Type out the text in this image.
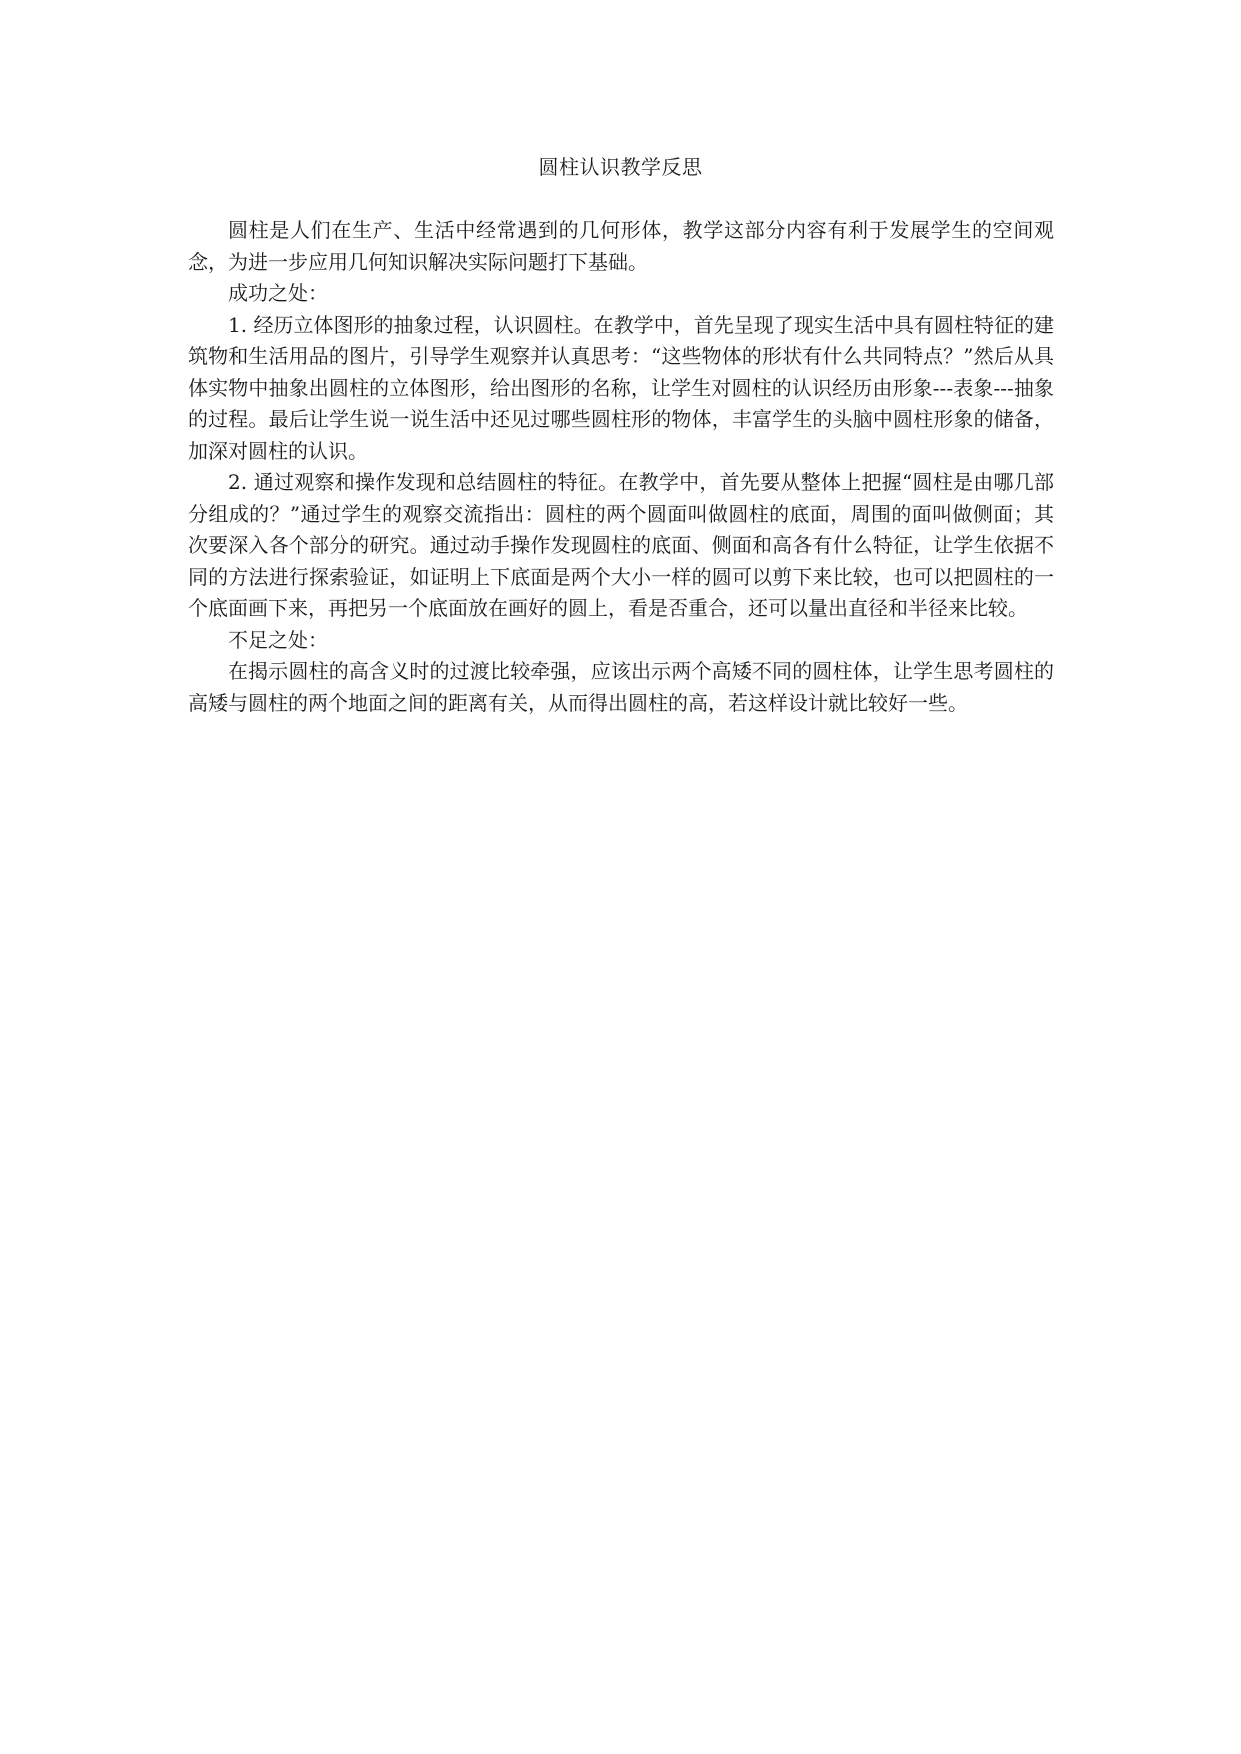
圆柱认识教学反思

圆柱是人们在生产、生活中经常遇到的几何形体，教学这部分内容有利于发展学生的空间观念，为进一步应用几何知识解决实际问题打下基础。

成功之处：

1. 经历立体图形的抽象过程，认识圆柱。在教学中，首先呈现了现实生活中具有圆柱特征的建筑物和生活用品的图片，引导学生观察并认真思考：“这些物体的形状有什么共同特点？”然后从具体实物中抽象出圆柱的立体图形，给出图形的名称，让学生对圆柱的认识经历由形象---表象---抽象的过程。最后让学生说一说生活中还见过哪些圆柱形的物体，丰富学生的头脑中圆柱形象的储备，加深对圆柱的认识。

2. 通过观察和操作发现和总结圆柱的特征。在教学中，首先要从整体上把握“圆柱是由哪几部分组成的？”通过学生的观察交流指出：圆柱的两个圆面叫做圆柱的底面，周围的面叫做侧面；其次要深入各个部分的研究。通过动手操作发现圆柱的底面、侧面和高各有什么特征，让学生依据不同的方法进行探索验证，如证明上下底面是两个大小一样的圆可以剪下来比较，也可以把圆柱的一个底面画下来，再把另一个底面放在画好的圆上，看是否重合，还可以量出直径和半径来比较。

不足之处：

在揭示圆柱的高含义时的过渡比较牵强，应该出示两个高矮不同的圆柱体，让学生思考圆柱的高矮与圆柱的两个地面之间的距离有关，从而得出圆柱的高，若这样设计就比较好一些。
